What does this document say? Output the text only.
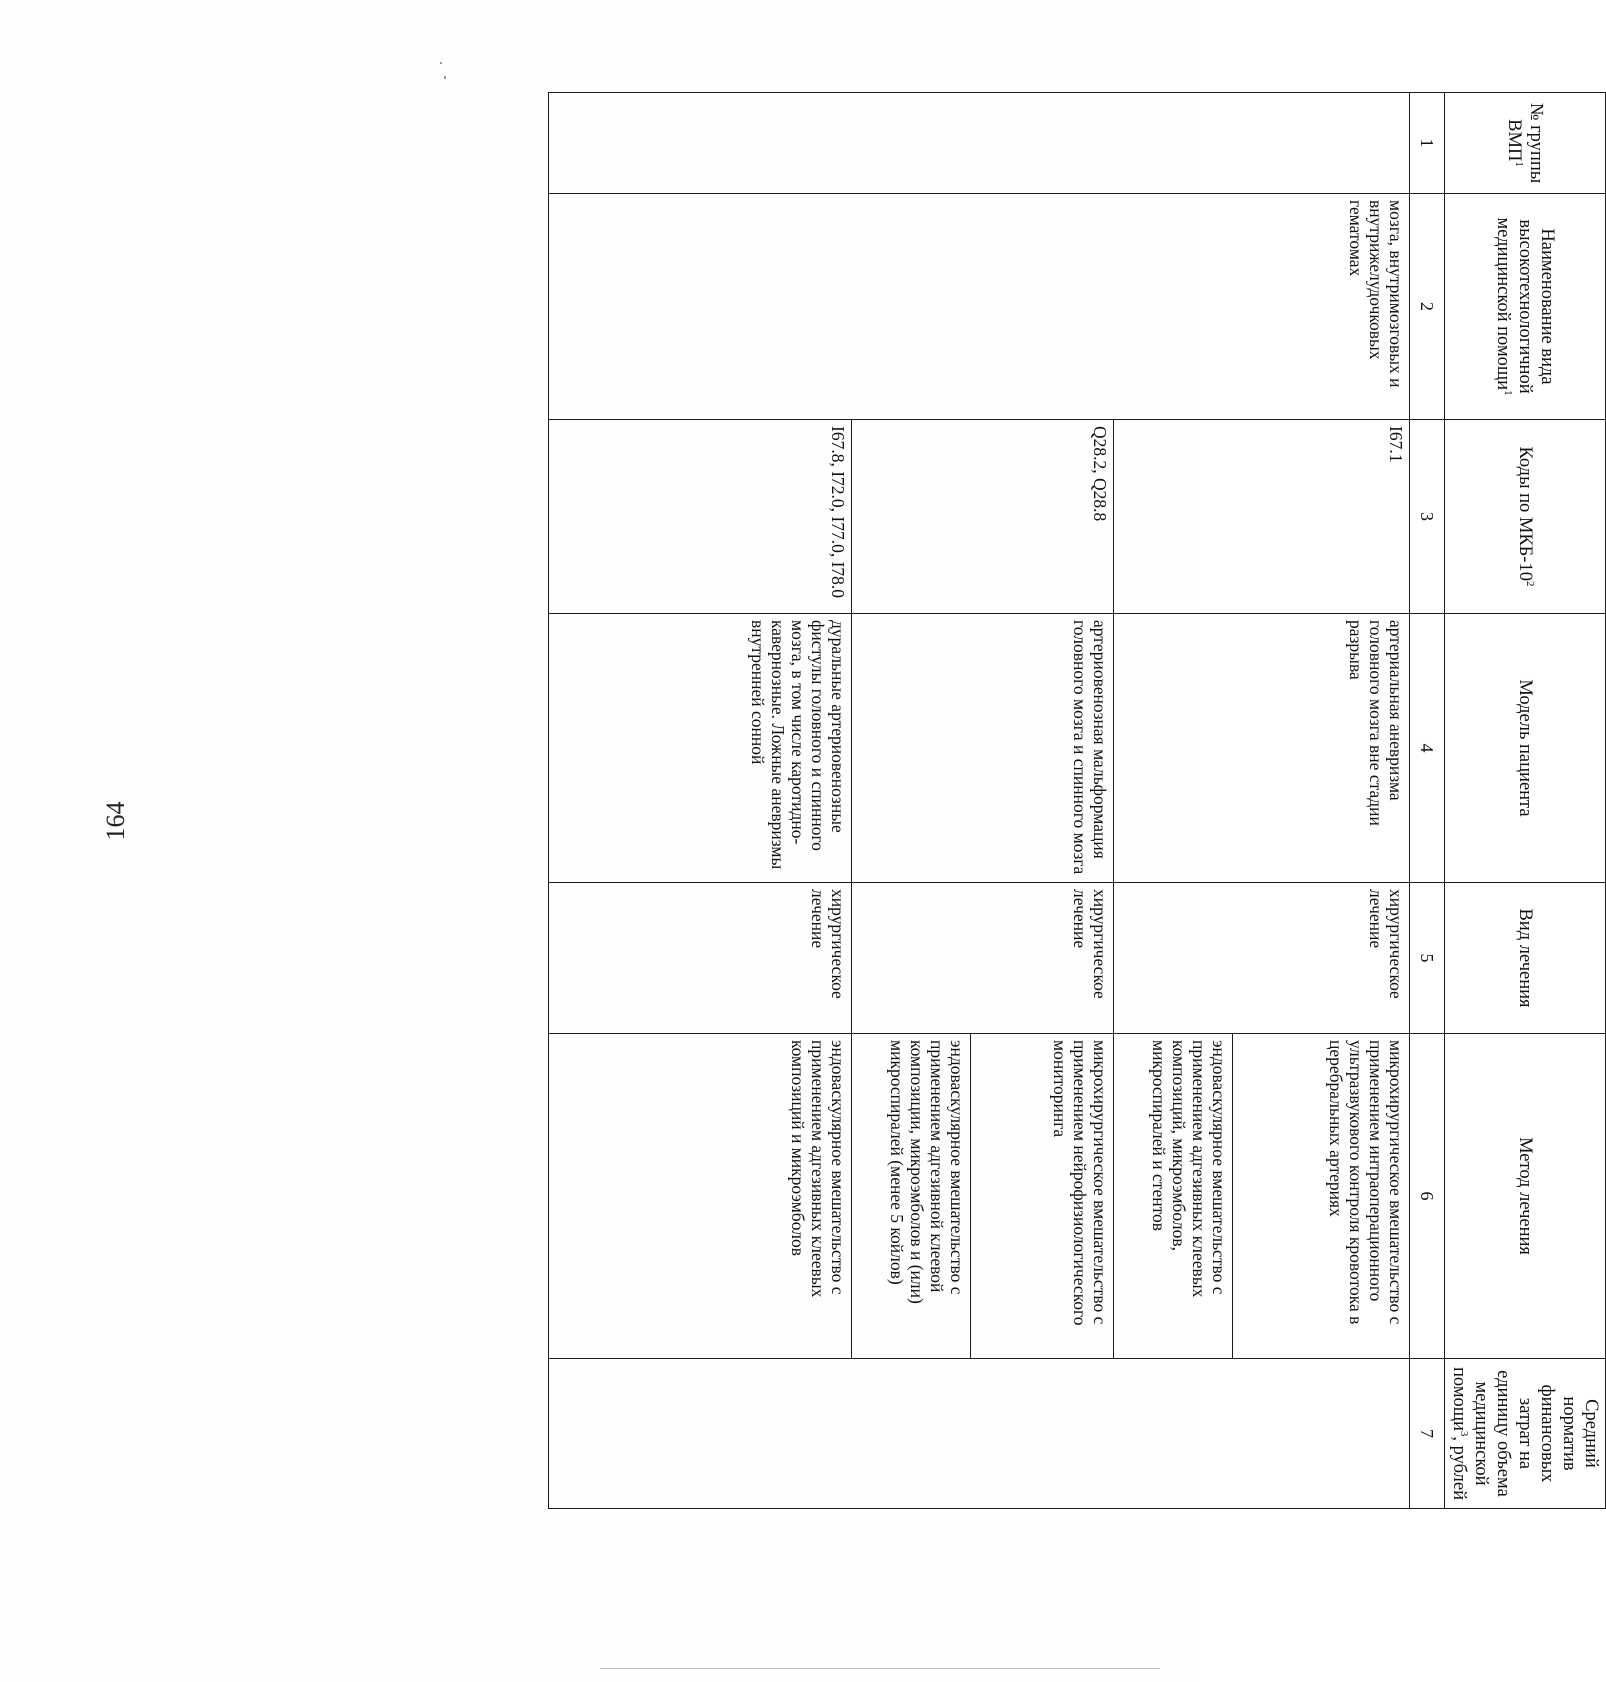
164
№ группы ВМП$^1$	Наименование вида высокотехнологичной медицинской помощи$^1$	Коды по МКБ-$10^2$	Модель пациента	Вид лечения	Метод лечения	Средний норматив финансовых затрат на единицу объема медицинской помощи$^3$, рублей
1	2	3	4	5	6	7
	мозга, внутримозговых и внутрижелудочковых гематомах	I67.1	артериальная аневризма головного мозга вне стадии разрыва	хирургическое лечение	микрохирургическое вмешательство с применением интраоперационного ультразвукового контроля кровотока в церебральных артериях	
					эндоваскулярное вмешательство с применением адгезивных клеевых композиций, микроэмболов, микроспиралей и стентов	
		Q28.2, Q28.8	артериовенозная мальформация головного мозга и спинного мозга	хирургическое лечение	микрохирургическое вмешательство с применением нейрофизиологического мониторинга	
					эндоваскулярное вмешательство с применением адгезивной клеевой композиции, микроэмболов и (или) микроспиралей (менее 5 койлов)	
		I67.8, I72.0, I77.0, I78.0	дуральные артериовенозные фистулы головного и спинного мозга, в том числе каротидно-кавернозные. Ложные аневризмы внутренней сонной	хирургическое лечение	эндоваскулярное вмешательство с применением адгезивных клеевых композиций и микроэмболов	
